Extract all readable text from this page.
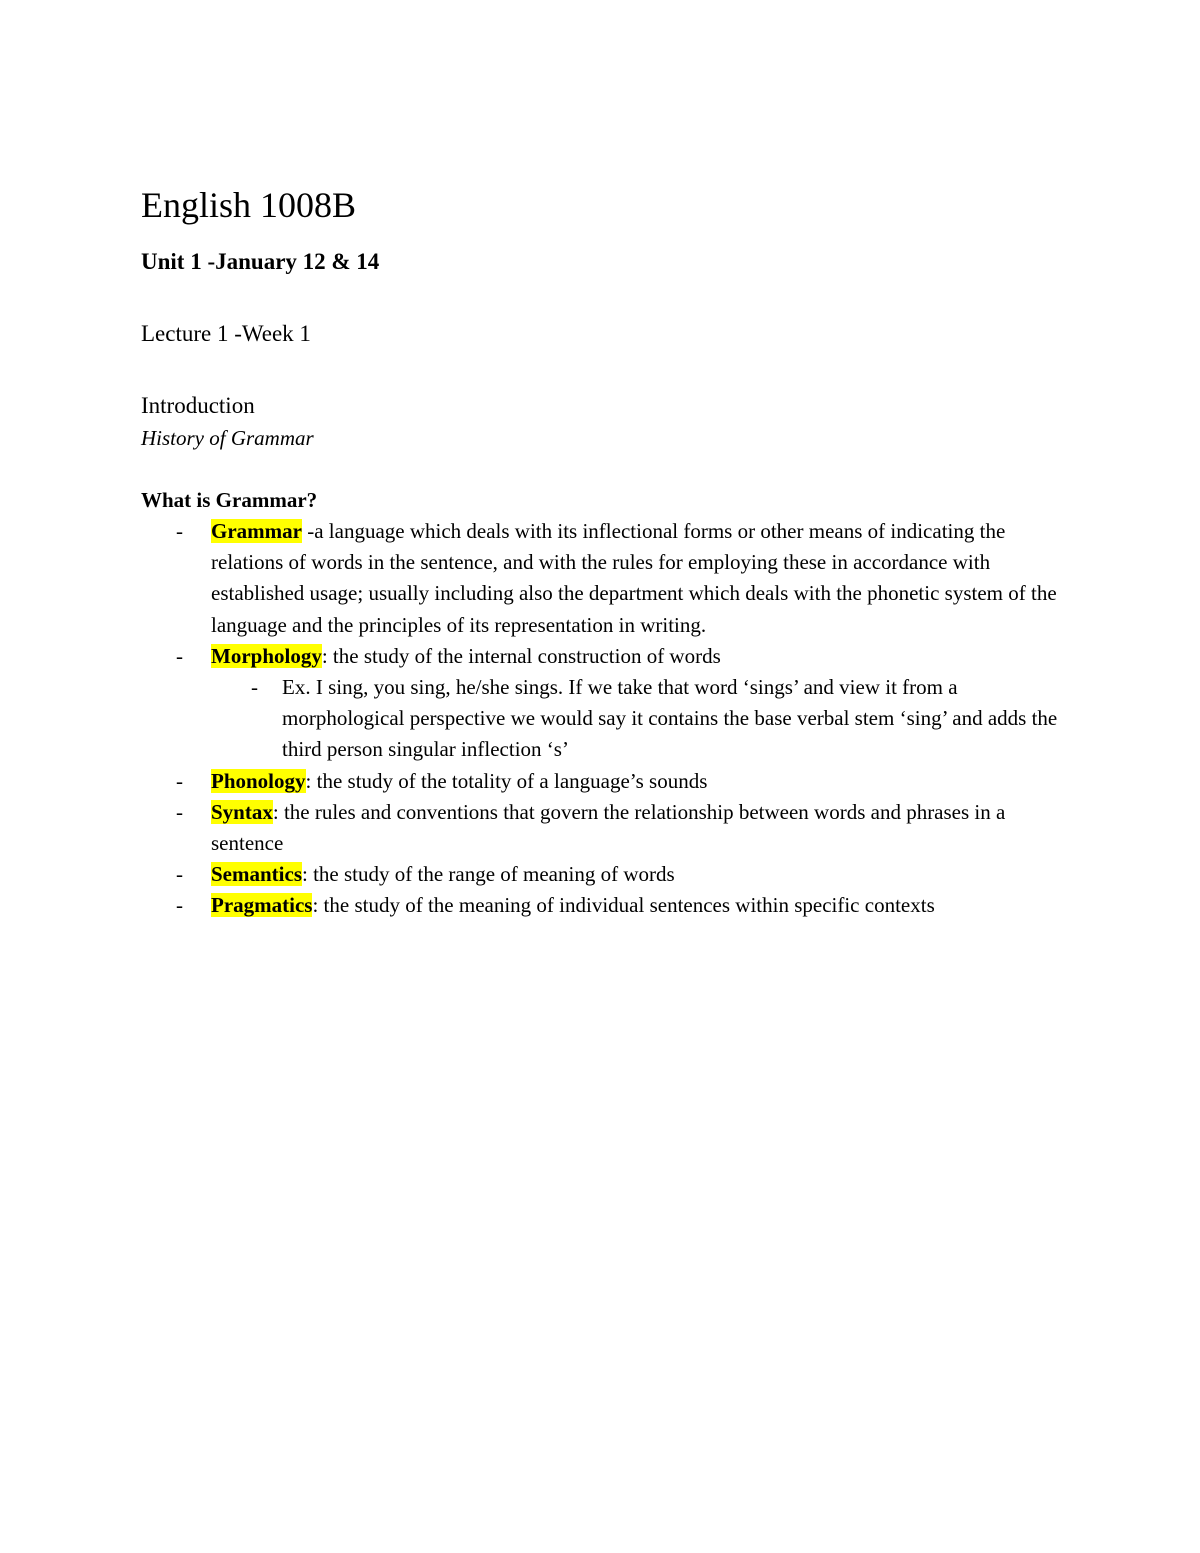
English 1008B
Unit 1 -January 12 & 14
Lecture 1 -Week 1
Introduction
History of Grammar
What is Grammar?
- Grammar -a language which deals with its inflectional forms or other means of indicating the relations of words in the sentence, and with the rules for employing these in accordance with established usage; usually including also the department which deals with the phonetic system of the language and the principles of its representation in writing.
- Morphology: the study of the internal construction of words
- Ex. I sing, you sing, he/she sings. If we take that word ‘sings’ and view it from a morphological perspective we would say it contains the base verbal stem ‘sing’ and adds the third person singular inflection ‘s’
- Phonology: the study of the totality of a language’s sounds
- Syntax: the rules and conventions that govern the relationship between words and phrases in a sentence
- Semantics: the study of the range of meaning of words
- Pragmatics: the study of the meaning of individual sentences within specific contexts
